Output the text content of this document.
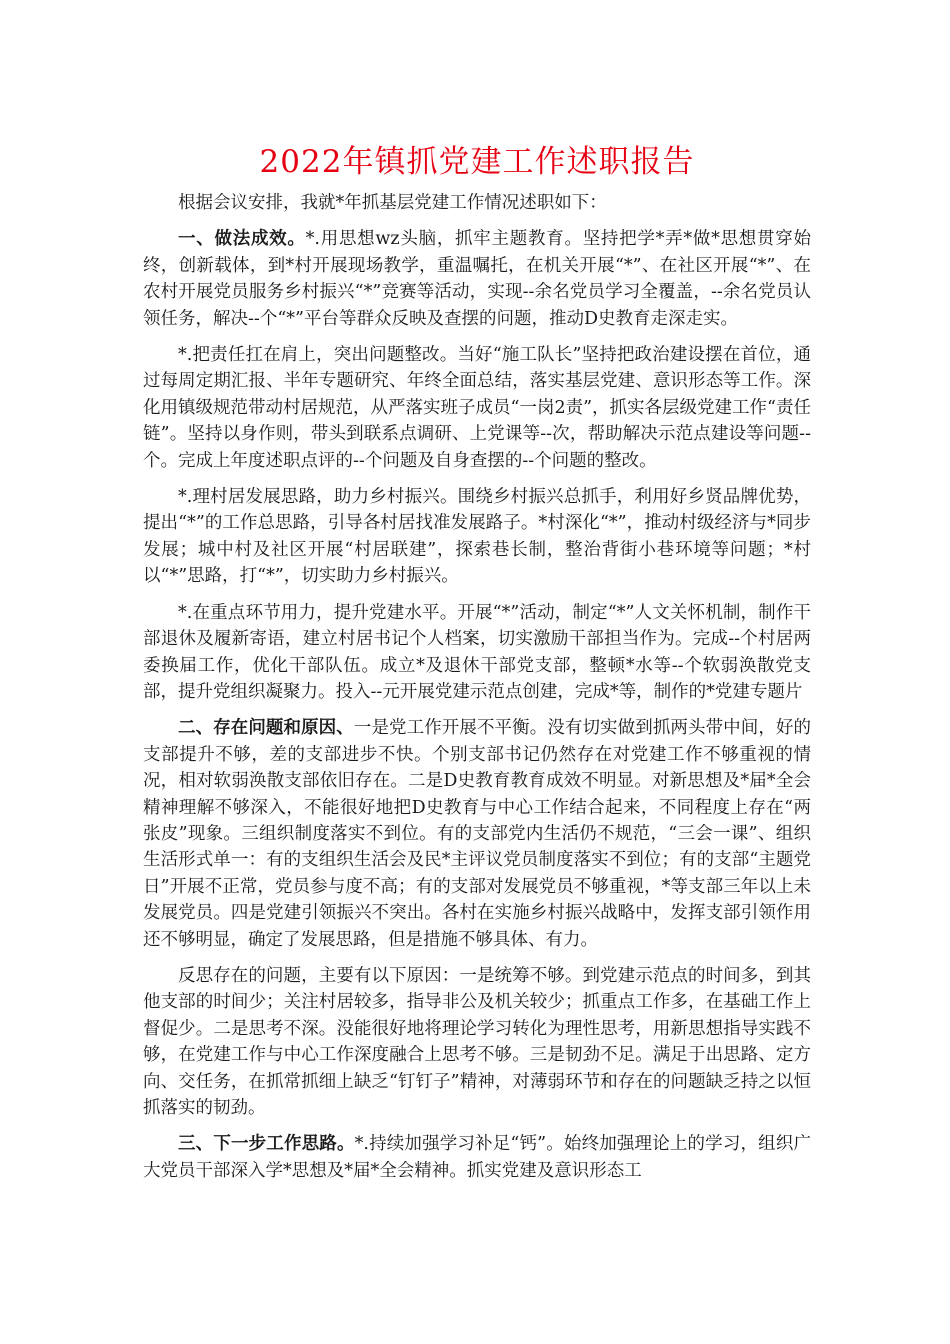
2022年镇抓党建工作述职报告

根据会议安排，我就*年抓基层党建工作情况述职如下：

一、做法成效。*.用思想wz头脑，抓牢主题教育。坚持把学*弄*做*思想贯穿始终，创新载体，到*村开展现场教学，重温嘱托，在机关开展“*”、在社区开展“*”、在农村开展党员服务乡村振兴“*”竞赛等活动，实现--余名党员学习全覆盖，--余名党员认领任务，解决--个“*”平台等群众反映及查摆的问题，推动D史教育走深走实。

*.把责任扛在肩上，突出问题整改。当好“施工队长”坚持把政治建设摆在首位，通过每周定期汇报、半年专题研究、年终全面总结，落实基层党建、意识形态等工作。深化用镇级规范带动村居规范，从严落实班子成员“一岗2责”，抓实各层级党建工作“责任链”。坚持以身作则，带头到联系点调研、上党课等--次，帮助解决示范点建设等问题--个。完成上年度述职点评的--个问题及自身查摆的--个问题的整改。

*.理村居发展思路，助力乡村振兴。围绕乡村振兴总抓手，利用好乡贤品牌优势，提出“*”的工作总思路，引导各村居找准发展路子。*村深化“*”，推动村级经济与*同步发展；城中村及社区开展“村居联建”，探索巷长制，整治背街小巷环境等问题；*村以“*”思路，打“*”，切实助力乡村振兴。

*.在重点环节用力，提升党建水平。开展“*”活动，制定“*”人文关怀机制，制作干部退休及履新寄语，建立村居书记个人档案，切实激励干部担当作为。完成--个村居两委换届工作，优化干部队伍。成立*及退休干部党支部，整顿*水等--个软弱涣散党支部，提升党组织凝聚力。投入--元开展党建示范点创建，完成*等，制作的*党建专题片

二、存在问题和原因、一是党工作开展不平衡。没有切实做到抓两头带中间，好的支部提升不够，差的支部进步不快。个别支部书记仍然存在对党建工作不够重视的情况，相对软弱涣散支部依旧存在。二是D史教育教育成效不明显。对新思想及*届*全会精神理解不够深入，不能很好地把D史教育与中心工作结合起来，不同程度上存在“两张皮”现象。三组织制度落实不到位。有的支部党内生活仍不规范，“三会一课”、组织生活形式单一：有的支组织生活会及民*主评议党员制度落实不到位；有的支部“主题党日”开展不正常，党员参与度不高；有的支部对发展党员不够重视，*等支部三年以上未发展党员。四是党建引领振兴不突出。各村在实施乡村振兴战略中，发挥支部引领作用还不够明显，确定了发展思路，但是措施不够具体、有力。

反思存在的问题，主要有以下原因：一是统筹不够。到党建示范点的时间多，到其他支部的时间少；关注村居较多，指导非公及机关较少；抓重点工作多，在基础工作上督促少。二是思考不深。没能很好地将理论学习转化为理性思考，用新思想指导实践不够，在党建工作与中心工作深度融合上思考不够。三是韧劲不足。满足于出思路、定方向、交任务，在抓常抓细上缺乏“钉钉子”精神，对薄弱环节和存在的问题缺乏持之以恒抓落实的韧劲。

三、下一步工作思路。*.持续加强学习补足“钙”。始终加强理论上的学习，组织广大党员干部深入学*思想及*届*全会精神。抓实党建及意识形态工
